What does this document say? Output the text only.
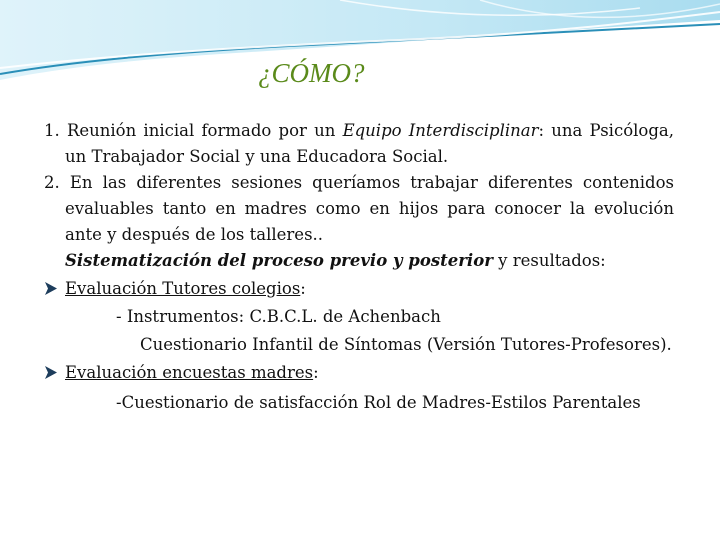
¿CÓMO?

1. Reunión inicial formado por un Equipo Interdisciplinar: una Psicóloga, un Trabajador Social y una Educadora Social.

2. En las diferentes sesiones queríamos trabajar diferentes contenidos evaluables tanto en madres como en hijos para conocer la evolución ante y después de los talleres..

Sistematización del proceso previo y posterior y resultados:

Evaluación Tutores colegios:

- Instrumentos: C.B.C.L. de Achenbach

Cuestionario Infantil de Síntomas (Versión Tutores-Profesores).

Evaluación encuestas madres:

-Cuestionario de satisfacción Rol de Madres-Estilos Parentales
